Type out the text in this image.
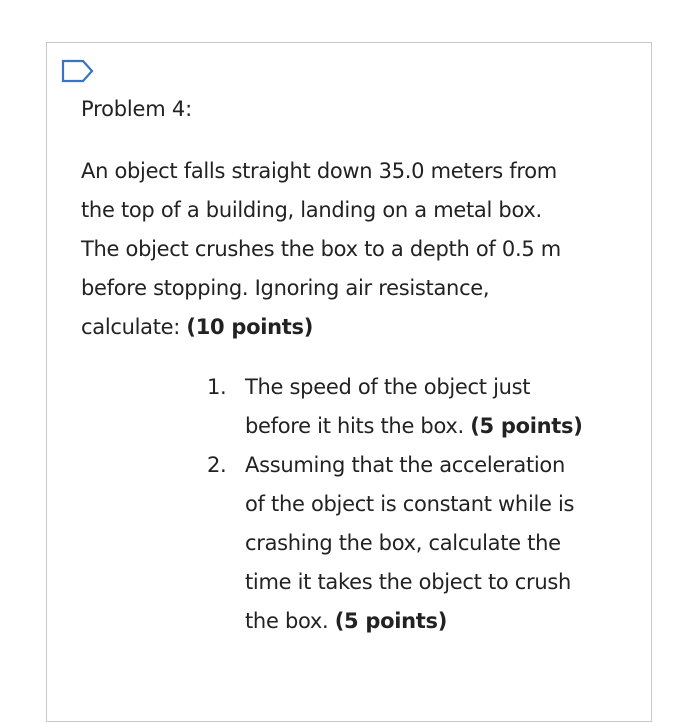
Problem 4:

An object falls straight down 35.0 meters from
the top of a building, landing on a metal box.
The object crushes the box to a depth of 0.5 m
before stopping. Ignoring air resistance,
calculate: (10 points)

1. The speed of the object just
before it hits the box. (5 points)
2. Assuming that the acceleration
of the object is constant while is
crashing the box, calculate the
time it takes the object to crush
the box. (5 points)
